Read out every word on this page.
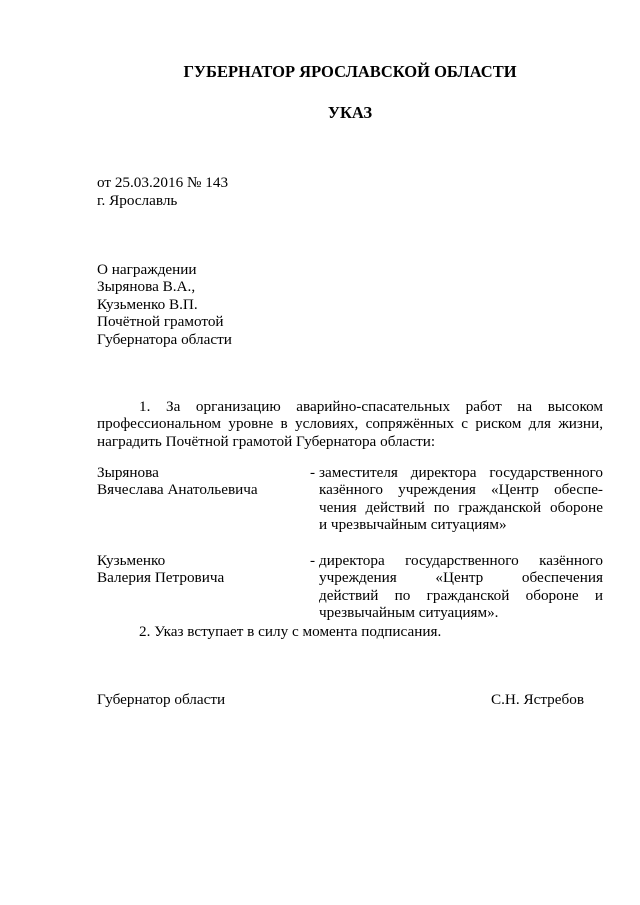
ГУБЕРНАТОР ЯРОСЛАВСКОЙ ОБЛАСТИ
УКАЗ
от 25.03.2016 № 143
г. Ярославль
О награждении
Зырянова В.А.,
Кузьменко В.П.
Почётной грамотой
Губернатора области
1. За организацию аварийно-спасательных работ на высоком
профессиональном уровне в условиях, сопряжённых с риском для жизни,
наградить Почётной грамотой Губернатора области:
Зырянова
Вячеслава Анатольевича
- заместителя директора государственного
казённого учреждения «Центр обеспе-
чения действий по гражданской обороне
и чрезвычайным ситуациям»
Кузьменко
Валерия Петровича
- директора государственного казённого
учреждения «Центр обеспечения
действий по гражданской обороне и
чрезвычайным ситуациям».
2. Указ вступает в силу с момента подписания.
Губернатор области	С.Н. Ястребов
